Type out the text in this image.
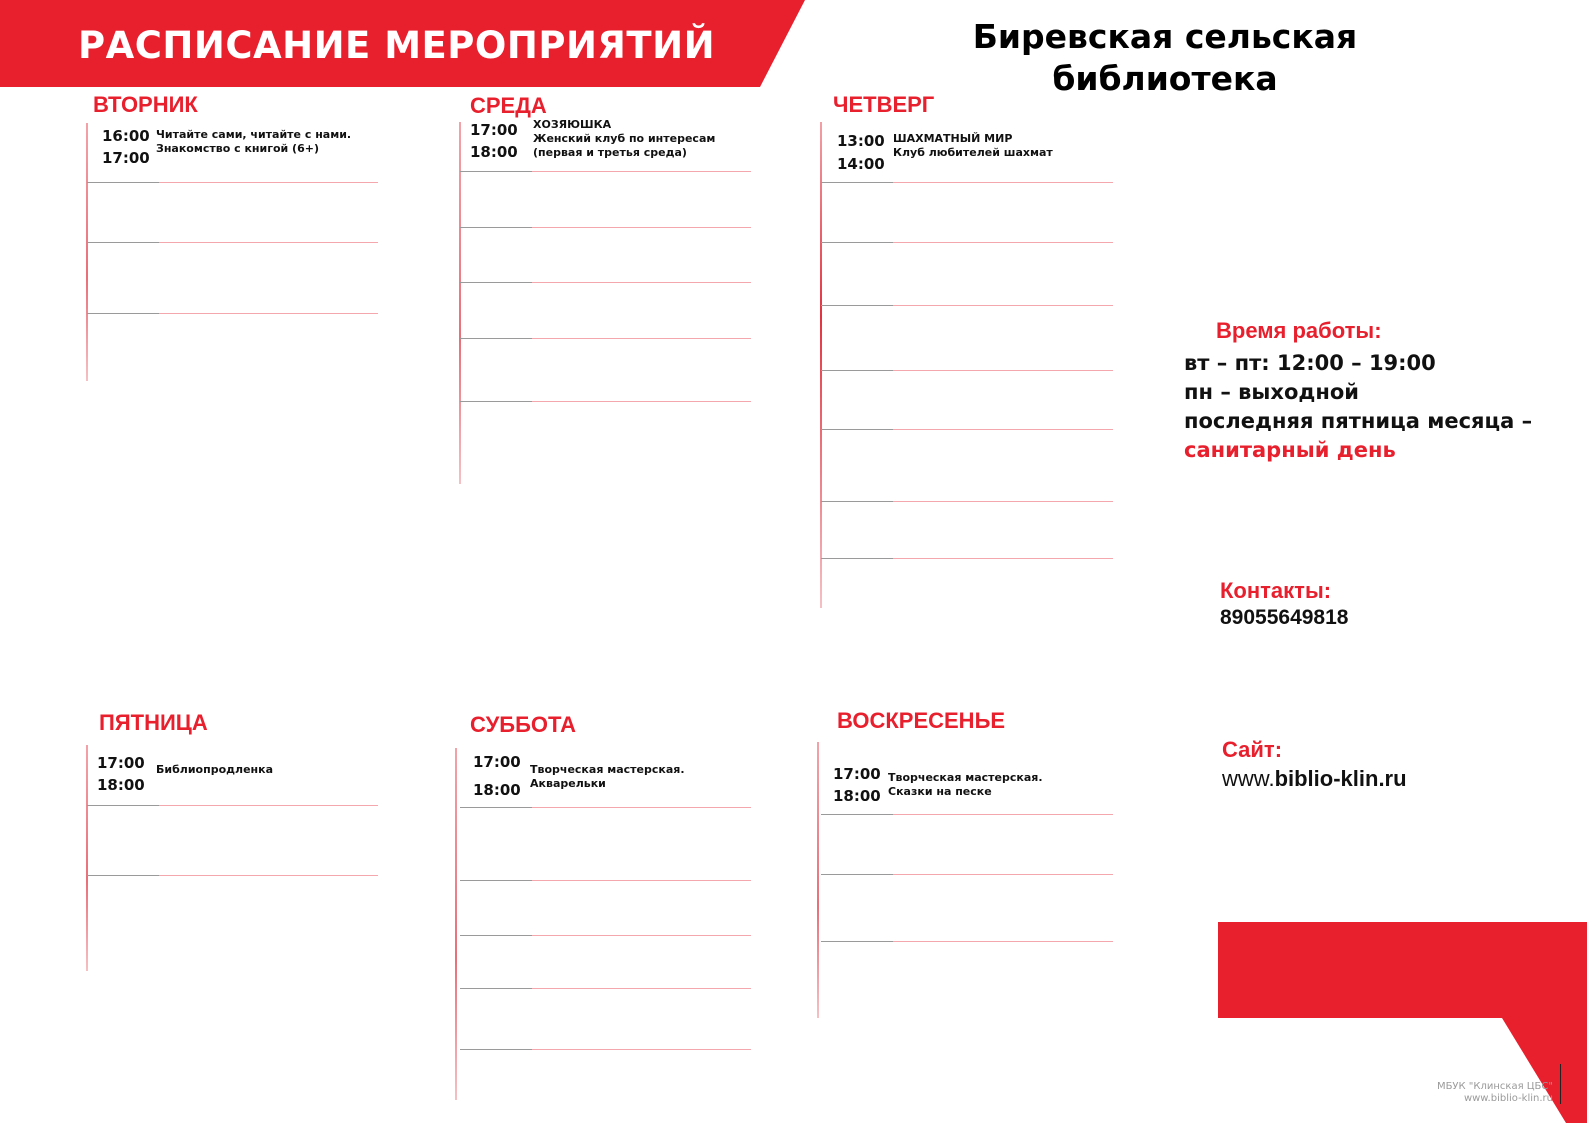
РАСПИСАНИЕ МЕРОПРИЯТИЙ	Биревская сельская
библиотека
ВТОРНИК
16:00
17:00
Читайте сами, читайте с нами.
Знакомство с книгой (6+)
СРЕДА
17:00
18:00
ХОЗЯЮШКА
Женский клуб по интересам
(первая и третья среда)
ЧЕТВЕРГ
13:00
14:00
ШАХМАТНЫЙ МИР
Клуб любителей шахмат
ПЯТНИЦА
17:00
18:00
Библиопродленка
СУББОТА
17:00
18:00
Творческая мастерская.
Акварельки
ВОСКРЕСЕНЬЕ
17:00
18:00
Творческая мастерская.
Сказки на песке
Время работы:
вт – пт: 12:00 – 19:00
пн – выходной
последняя пятница месяца –
санитарный день
Контакты:
89055649818
Сайт:
www.biblio-klin.ru
МБУК "Клинская ЦБС"
www.biblio-klin.ru
